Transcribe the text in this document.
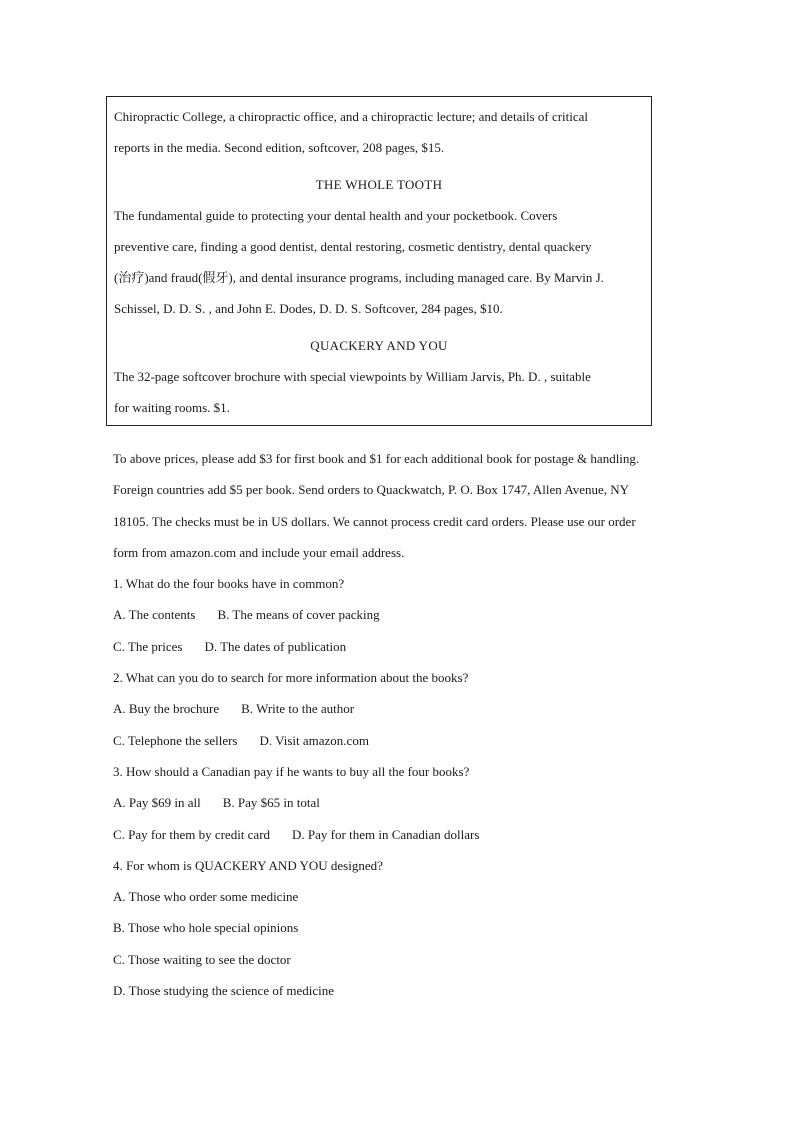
Chiropractic College, a chiropractic office, and a chiropractic lecture; and details of critical
reports in the media. Second edition, softcover, 208 pages, $15.

THE WHOLE TOOTH
The fundamental guide to protecting your dental health and your pocketbook. Covers
preventive care, finding a good dentist, dental restoring, cosmetic dentistry, dental quackery
(治疗)and fraud(假牙), and dental insurance programs, including managed care. By Marvin J.
Schissel, D. D. S. , and John E. Dodes, D. D. S. Softcover, 284 pages, $10.

QUACKERY AND YOU
The 32-page softcover brochure with special viewpoints by William Jarvis, Ph. D. , suitable
for waiting rooms. $1.
To above prices, please add $3 for first book and $1 for each additional book for postage & handling.
Foreign countries add $5 per book. Send orders to Quackwatch, P. O. Box 1747, Allen Avenue, NY
18105. The checks must be in US dollars. We cannot process credit card orders. Please use our order
form from amazon.com and include your email address.
1. What do the four books have in common?
A. The contents B. The means of cover packing
C. The prices D. The dates of publication
2. What can you do to search for more information about the books?
A. Buy the brochure B. Write to the author
C. Telephone the sellers D. Visit amazon.com
3. How should a Canadian pay if he wants to buy all the four books?
A. Pay $69 in all B. Pay $65 in total
C. Pay for them by credit card D. Pay for them in Canadian dollars
4. For whom is QUACKERY AND YOU designed?
A. Those who order some medicine
B. Those who hole special opinions
C. Those waiting to see the doctor
D. Those studying the science of medicine
